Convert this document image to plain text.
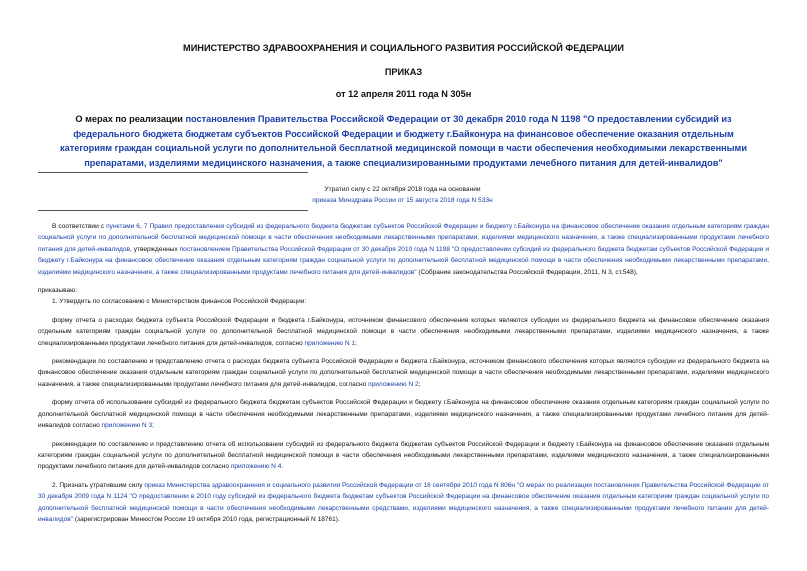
МИНИСТЕРСТВО ЗДРАВООХРАНЕНИЯ И СОЦИАЛЬНОГО РАЗВИТИЯ РОССИЙСКОЙ ФЕДЕРАЦИИ
ПРИКАЗ
от 12 апреля 2011 года N 305н
О мерах по реализации постановления Правительства Российской Федерации от 30 декабря 2010 года N 1198 "О предоставлении субсидий из федерального бюджета бюджетам субъектов Российской Федерации и бюджету г.Байконура на финансовое обеспечение оказания отдельным категориям граждан социальной услуги по дополнительной бесплатной медицинской помощи в части обеспечения необходимыми лекарственными препаратами, изделиями медицинского назначения, а также специализированными продуктами лечебного питания для детей-инвалидов"
Утратил силу с 22 октября 2018 года на основании
приказа Минздрава России от 15 августа 2018 года N 533н

В соответствии с пунктами 6, 7 Правил предоставления субсидий из федерального бюджета бюджетам субъектов Российской Федерации и бюджету г.Байконура на финансовое обеспечение оказания отдельным категориям граждан социальной услуги по дополнительной бесплатной медицинской помощи в части обеспечения необходимыми лекарственными препаратами, изделиями медицинского назначения, а также специализированными продуктами лечебного питания для детей-инвалидов, утвержденных постановлением Правительства Российской Федерации от 30 декабря 2010 года N 1198 "О предоставлении субсидий из федерального бюджета бюджетам субъектов Российской Федерации и бюджету г.Байконура на финансовое обеспечение оказания отдельным категориям граждан социальной услуги по дополнительной бесплатной медицинской помощи в части обеспечения необходимыми лекарственными препаратами, изделиями медицинского назначения, а также специализированными продуктами лечебного питания для детей-инвалидов" (Собрание законодательства Российской Федерации, 2011, N 3, ст.548),

приказываю:

1. Утвердить по согласованию с Министерством финансов Российской Федерации:

форму отчета о расходах бюджета субъекта Российской Федерации и бюджета г.Байконура, источником финансового обеспечения которых являются субсидии из федерального бюджета на финансовое обеспечение оказания отдельным категориям граждан социальной услуги по дополнительной бесплатной медицинской помощи в части обеспечения необходимыми лекарственными препаратами, изделиями медицинского назначения, а также специализированными продуктами лечебного питания для детей-инвалидов, согласно приложению N 1;

рекомендации по составлению и представлению отчета о расходах бюджета субъекта Российской Федерации и бюджета г.Байконура, источником финансового обеспечения которых являются субсидии из федерального бюджета на финансовое обеспечение оказания отдельным категориям граждан социальной услуги по дополнительной бесплатной медицинской помощи в части обеспечения необходимыми лекарственными препаратами, изделиями медицинского назначения, а также специализированными продуктами лечебного питания для детей-инвалидов, согласно приложению N 2;

форму отчета об использовании субсидий из федерального бюджета бюджетам субъектов Российской Федерации и бюджету г.Байконура на финансовое обеспечение оказания отдельным категориям граждан социальной услуги по дополнительной бесплатной медицинской помощи в части обеспечения необходимыми лекарственными препаратами, изделиями медицинского назначения, а также специализированными продуктами лечебного питания для детей-инвалидов согласно приложению N 3;

рекомендации по составлению и представлению отчета об использовании субсидий из федерального бюджета бюджетам субъектов Российской Федерации и бюджету г.Байконура на финансовое обеспечение оказания отдельным категориям граждан социальной услуги по дополнительной бесплатной медицинской помощи в части обеспечения необходимыми лекарственными препаратами, изделиями медицинского назначения, а также специализированными продуктами лечебного питания для детей-инвалидов согласно приложению N 4.

2. Признать утратившим силу приказ Министерства здравоохранения и социального развития Российской Федерации от 16 сентября 2010 года N 806н "О мерах по реализации постановления Правительства Российской Федерации от 30 декабря 2009 года N 1124 "О предоставлении в 2010 году субсидий из федерального бюджета бюджетам субъектов Российской Федерации на финансовое обеспечение оказания отдельным категориям граждан социальной услуги по дополнительной бесплатной медицинской помощи в части обеспечения необходимыми лекарственными средствами, изделиями медицинского назначения, а также специализированными продуктами лечебного питания для детей-инвалидов" (зарегистрирован Минюстом России 19 октября 2010 года, регистрационный N 18761).
